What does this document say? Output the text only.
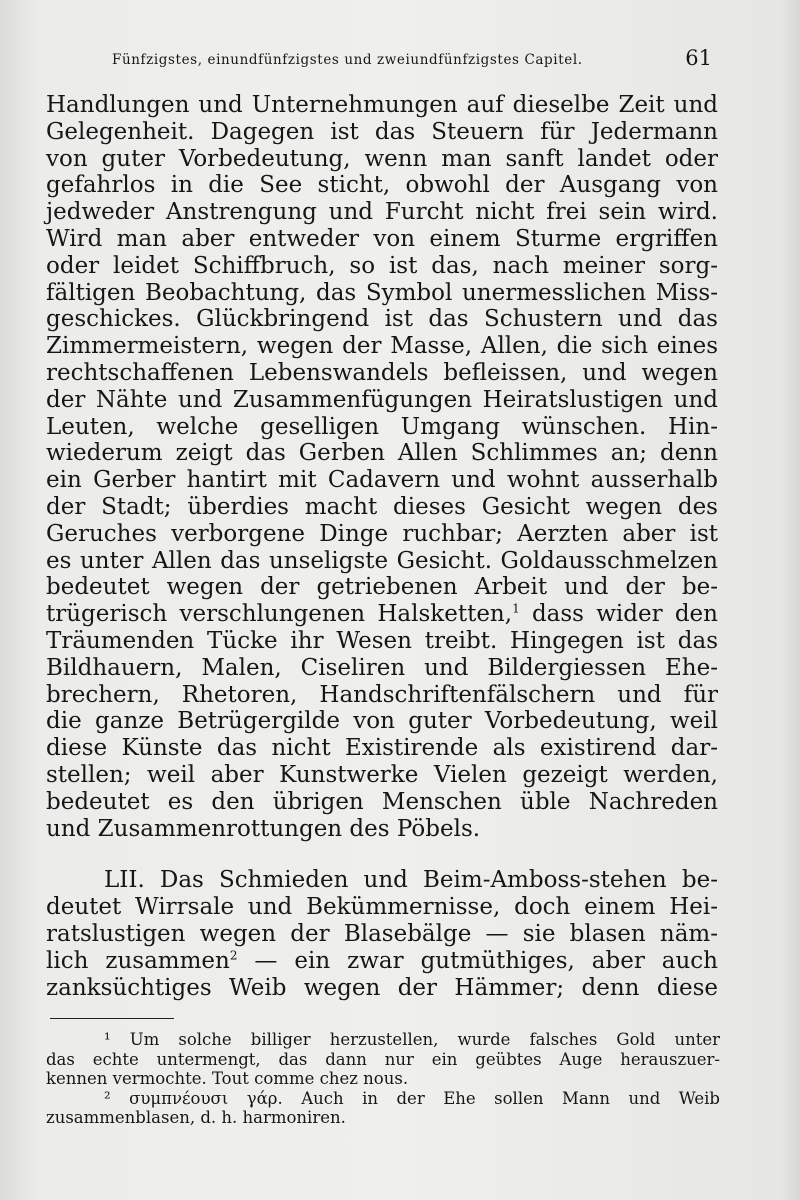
Fünfzigstes, einundfünfzigstes und zweiundfünfzigstes Capitel.	61
Handlungen und Unternehmungen auf dieselbe Zeit und
Gelegenheit. Dagegen ist das Steuern für Jedermann
von guter Vorbedeutung, wenn man sanft landet oder
gefahrlos in die See sticht, obwohl der Ausgang von
jedweder Anstrengung und Furcht nicht frei sein wird.
Wird man aber entweder von einem Sturme ergriffen
oder leidet Schiffbruch, so ist das, nach meiner sorg-
fältigen Beobachtung, das Symbol unermesslichen Miss-
geschickes. Glückbringend ist das Schustern und das
Zimmermeistern, wegen der Masse, Allen, die sich eines
rechtschaffenen Lebenswandels befleissen, und wegen
der Nähte und Zusammenfügungen Heiratslustigen und
Leuten, welche geselligen Umgang wünschen. Hin-
wiederum zeigt das Gerben Allen Schlimmes an; denn
ein Gerber hantirt mit Cadavern und wohnt ausserhalb
der Stadt; überdies macht dieses Gesicht wegen des
Geruches verborgene Dinge ruchbar; Aerzten aber ist
es unter Allen das unseligste Gesicht. Goldausschmelzen
bedeutet wegen der getriebenen Arbeit und der be-
trügerisch verschlungenen Halsketten,$^1$ dass wider den
Träumenden Tücke ihr Wesen treibt. Hingegen ist das
Bildhauern, Malen, Ciseliren und Bildergiessen Ehe-
brechern, Rhetoren, Handschriftenfälschern und für
die ganze Betrügergilde von guter Vorbedeutung, weil
diese Künste das nicht Existirende als existirend dar-
stellen; weil aber Kunstwerke Vielen gezeigt werden,
bedeutet es den übrigen Menschen üble Nachreden
und Zusammenrottungen des Pöbels.
LII. Das Schmieden und Beim-Amboss-stehen be-
deutet Wirrsale und Bekümmernisse, doch einem Hei-
ratslustigen wegen der Blasebälge — sie blasen näm-
lich zusammen$^2$ — ein zwar gutmüthiges, aber auch
zanksüchtiges Weib wegen der Hämmer; denn diese
¹ Um solche billiger herzustellen, wurde falsches Gold unter
das echte untermengt, das dann nur ein geübtes Auge herauszuer-
kennen vermochte. Tout comme chez nous.
² συμπνέουσι γάρ. Auch in der Ehe sollen Mann und Weib
zusammenblasen, d. h. harmoniren.
